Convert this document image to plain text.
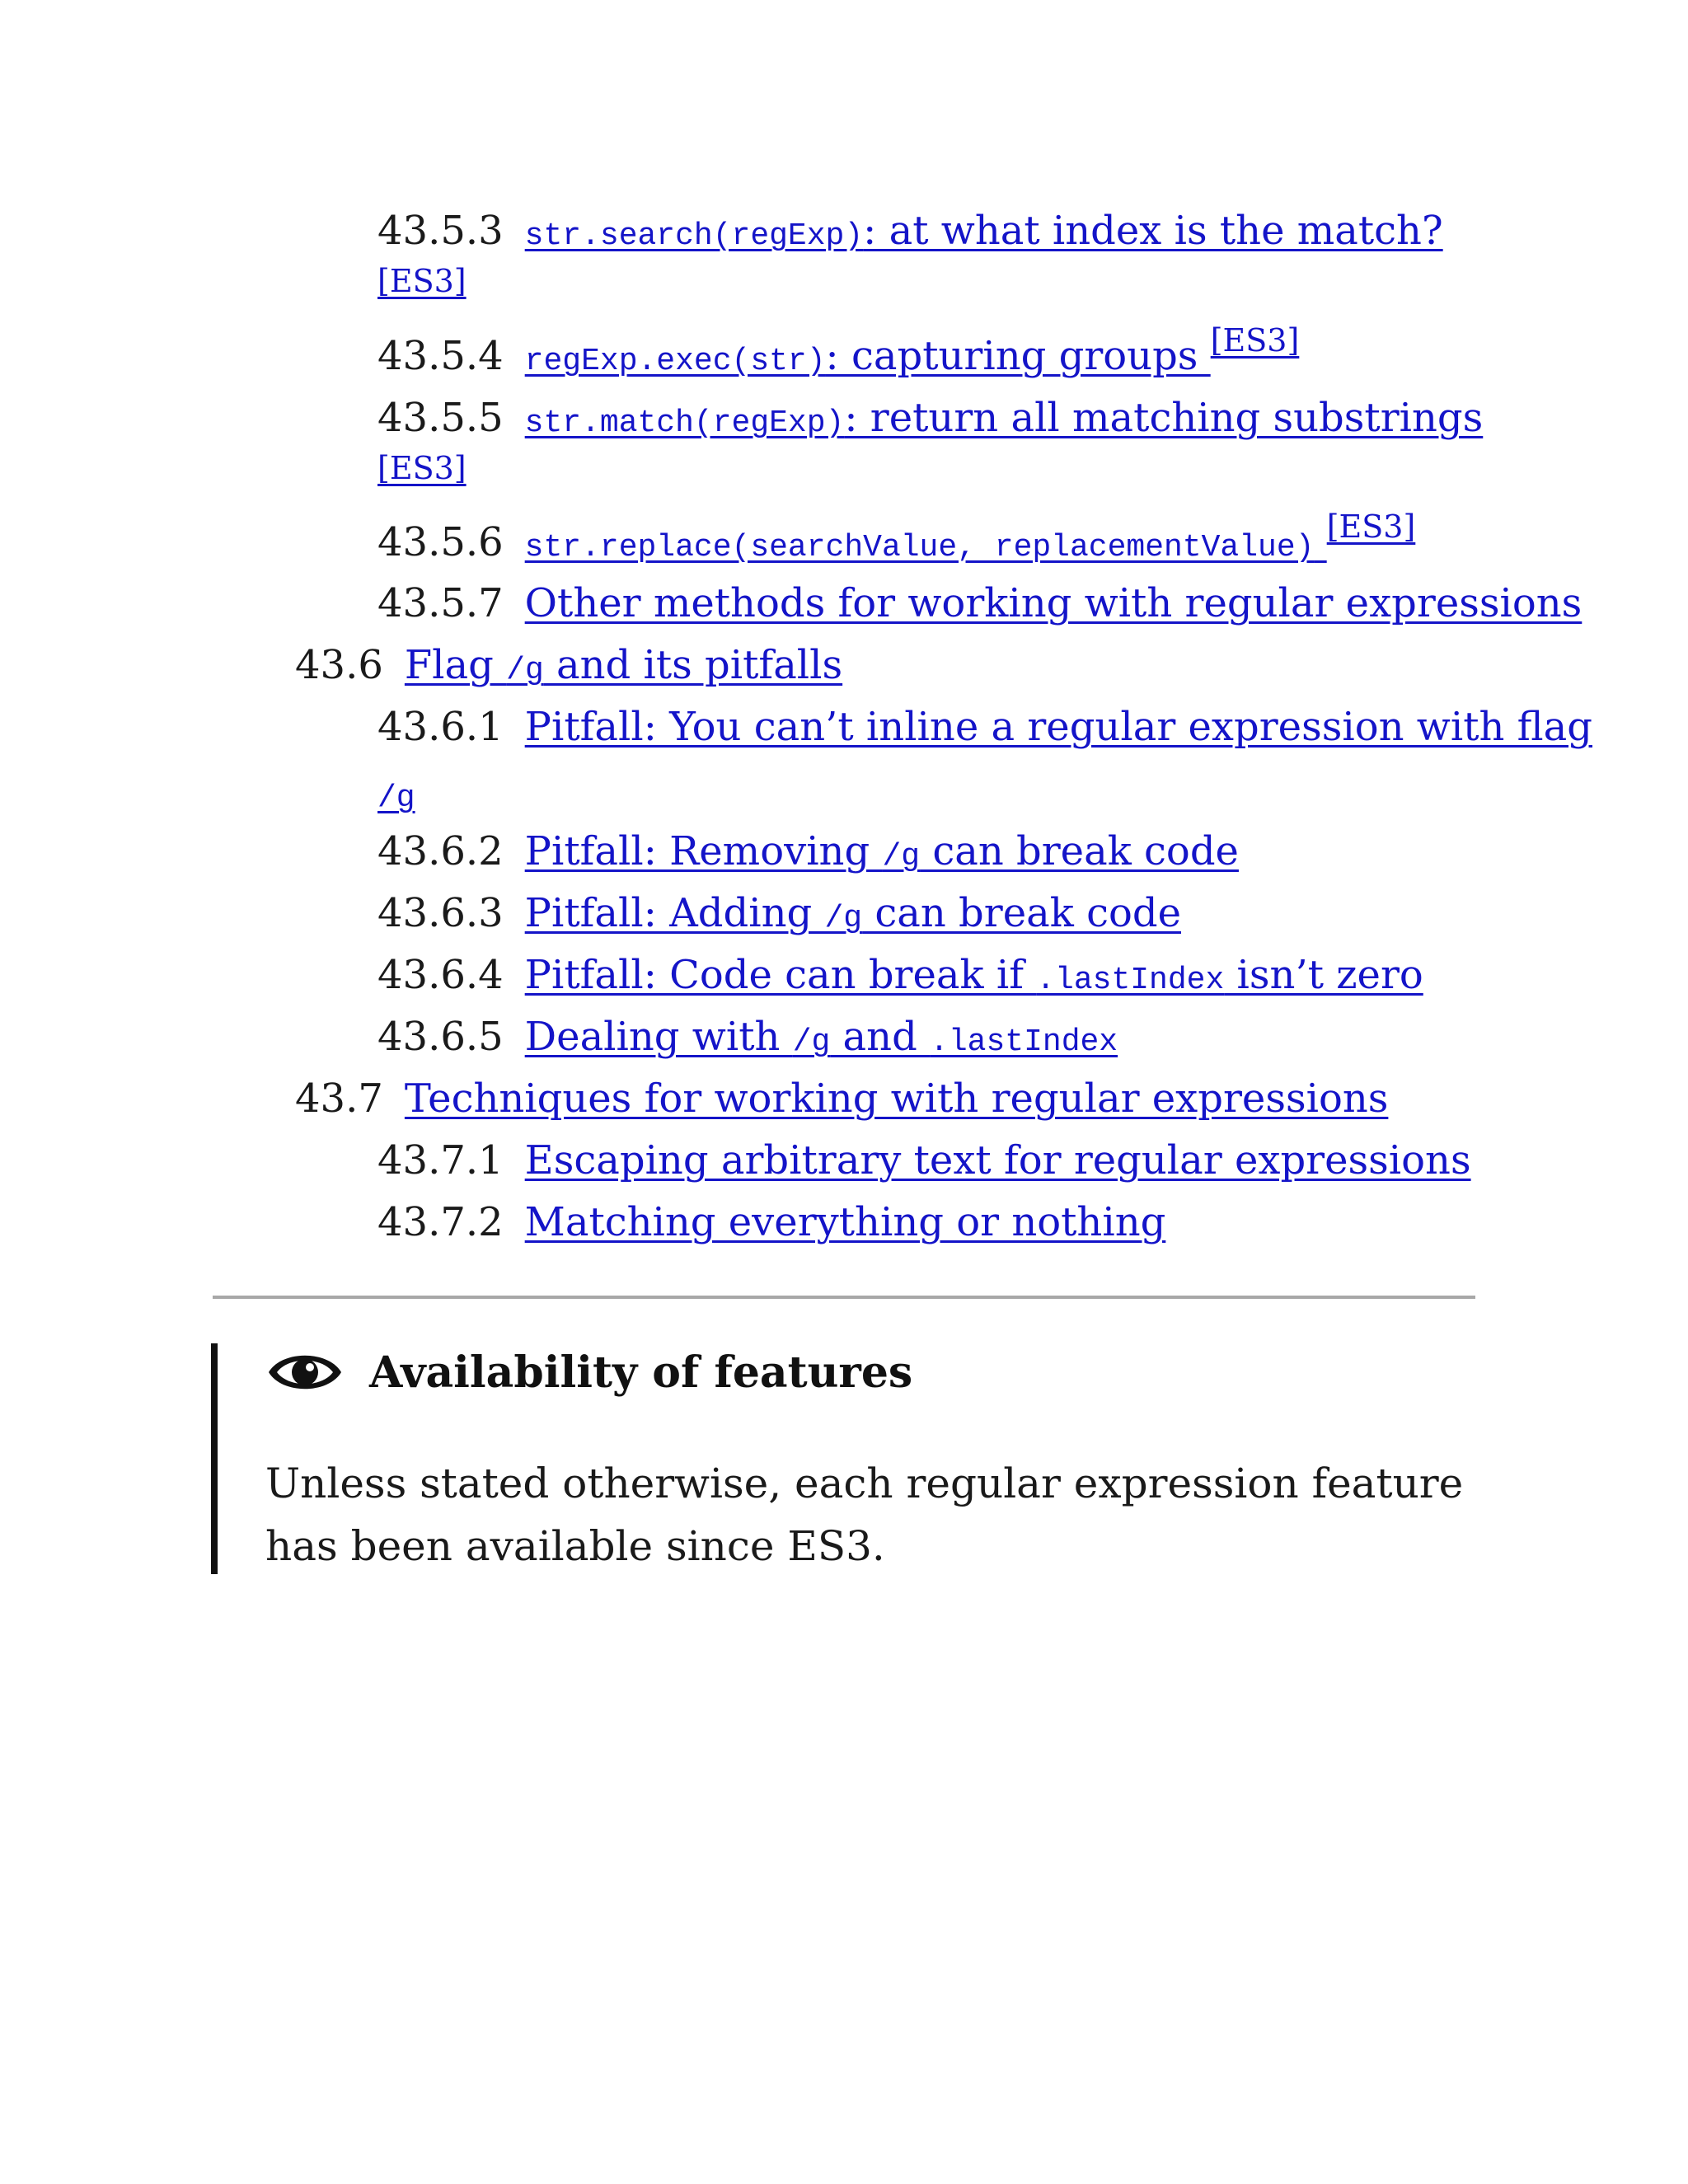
43.5.3 str.search(regExp): at what index is the match?
[ES3]
43.5.4 regExp.exec(str): capturing groups [ES3]
43.5.5 str.match(regExp): return all matching substrings
[ES3]
43.5.6 str.replace(searchValue, replacementValue) [ES3]
43.5.7 Other methods for working with regular expressions
43.6 Flag /g and its pitfalls
43.6.1 Pitfall: You can’t inline a regular expression with flag
/g
43.6.2 Pitfall: Removing /g can break code
43.6.3 Pitfall: Adding /g can break code
43.6.4 Pitfall: Code can break if .lastIndex isn’t zero
43.6.5 Dealing with /g and .lastIndex
43.7 Techniques for working with regular expressions
43.7.1 Escaping arbitrary text for regular expressions
43.7.2 Matching everything or nothing
Availability of features
Unless stated otherwise, each regular expression feature has been available since ES3.
